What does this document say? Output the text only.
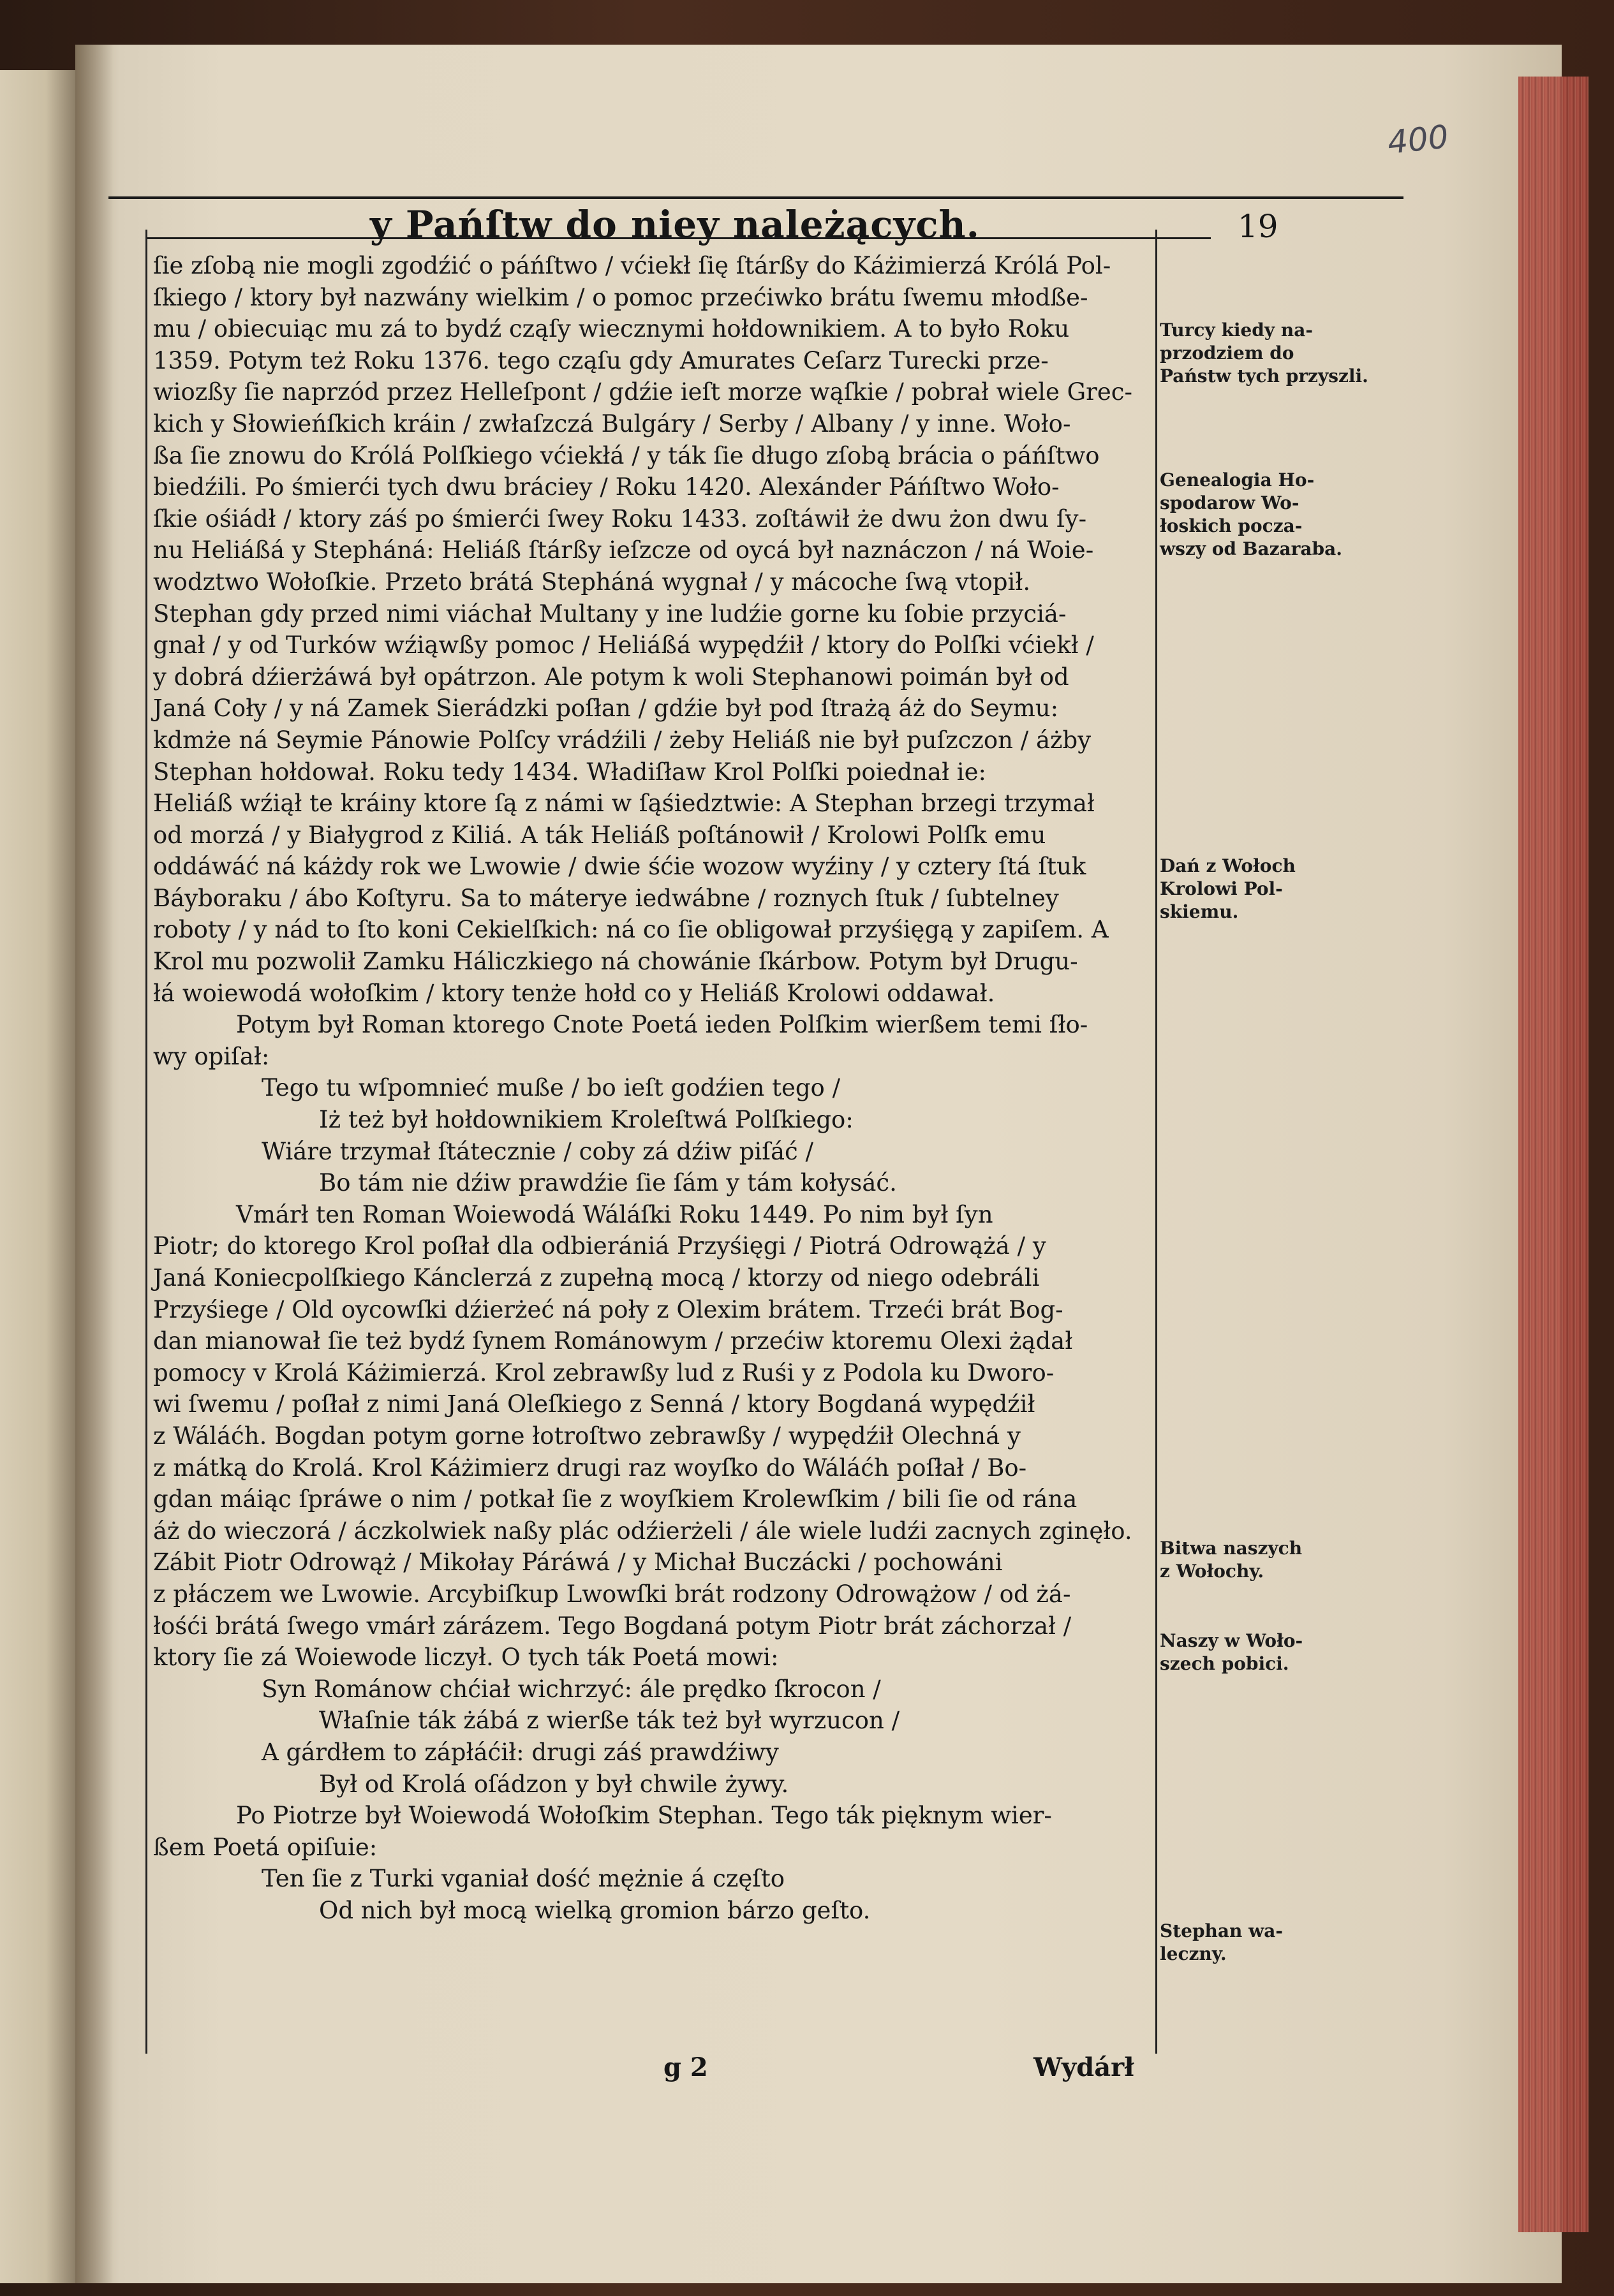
400
y Pańſtw do niey należących.	19
ſie zſobą nie mogli zgodźić o páńſtwo / vćiekł ſię ſtárßy do Káżimierzá Królá Pol-
ſkiego / ktory był nazwány wielkim / o pomoc przećiwko brátu ſwemu młodße-
mu / obiecuiąc mu zá to bydź cząſy wiecznymi hołdownikiem. A to było Roku
1359. Potym też Roku 1376. tego cząſu gdy Amurates Ceſarz Turecki prze-
wiozßy ſie naprzód przez Helleſpont / gdźie ieſt morze wąſkie / pobrał wiele Grec-
kich y Słowieńſkich kráin / zwłaſzczá Bulgáry / Serby / Albany / y inne. Woło-
ßa ſie znowu do Królá Polſkiego vćiekłá / y ták ſie długo zſobą brácia o páńſtwo
biedźili. Po śmierći tych dwu bráciey / Roku 1420. Alexánder Páńſtwo Woło-
ſkie ośiádł / ktory záś po śmierći ſwey Roku 1433. zoſtáwił że dwu żon dwu ſy-
nu Heliáßá y Stepháná: Heliáß ſtárßy ieſzcze od oycá był naznáczon / ná Woie-
wodztwo Wołoſkie. Przeto brátá Stepháná wygnał / y mácoche ſwą vtopił.
Stephan gdy przed nimi viáchał Multany y ine ludźie gorne ku ſobie przyciá-
gnał / y od Turków wźiąwßy pomoc / Heliáßá wypędźił / ktory do Polſki vćiekł /
y dobrá dźierżáwá był opátrzon. Ale potym k woli Stephanowi poimán był od
Janá Coły / y ná Zamek Sierádzki poſłan / gdźie był pod ſtrażą áż do Seymu:
kdmże ná Seymie Pánowie Polſcy vrádźili / żeby Heliáß nie był puſzczon / áżby
Stephan hołdował. Roku tedy 1434. Władiſław Krol Polſki poiednał ie:
Heliáß wźiął te kráiny ktore ſą z námi w ſąśiedztwie: A Stephan brzegi trzymał
od morzá / y Białygrod z Kiliá. A ták Heliáß poſtánowił / Krolowi Polſk emu
oddáwáć ná káżdy rok we Lwowie / dwie śćie wozow wyźiny / y cztery ſtá ſtuk
Báyboraku / ábo Koſtyru. Sa to máterye iedwábne / roznych ſtuk / ſubtelney
roboty / y nád to ſto koni Cekielſkich: ná co ſie obligował przyśięgą y zapiſem. A
Krol mu pozwolił Zamku Háliczkiego ná chowánie ſkárbow. Potym był Drugu-
łá woiewodá wołoſkim / ktory tenże hołd co y Heliáß Krolowi oddawał.
Potym był Roman ktorego Cnote Poetá ieden Polſkim wierßem temi ſło-
wy opiſał:
Tego tu wſpomnieć muße / bo ieſt godźien tego /
Iż też był hołdownikiem Kroleſtwá Polſkiego:
Wiáre trzymał ſtátecznie / coby zá dźiw piſáć /
Bo tám nie dźiw prawdźie ſie ſám y tám kołysáć.
Vmárł ten Roman Woiewodá Wáláſki Roku 1449. Po nim był ſyn
Piotr; do ktorego Krol poſłał dla odbierániá Przyśięgi / Piotrá Odrowążá / y
Janá Koniecpolſkiego Kánclerzá z zupełną mocą / ktorzy od niego odebráli
Przyśiege / Old oycowſki dźierżeć ná poły z Olexim brátem. Trzeći brát Bog-
dan mianował ſie też bydź ſynem Románowym / przećiw ktoremu Olexi żądał
pomocy v Krolá Káżimierzá. Krol zebrawßy lud z Ruśi y z Podola ku Dworo-
wi ſwemu / poſłał z nimi Janá Oleſkiego z Senná / ktory Bogdaná wypędźił
z Wáláćh. Bogdan potym gorne łotroſtwo zebrawßy / wypędźił Olechná y
z mátką do Krolá. Krol Káżimierz drugi raz woyſko do Wáláćh poſłał / Bo-
gdan máiąc ſpráwe o nim / potkał ſie z woyſkiem Krolewſkim / bili ſie od rána
áż do wieczorá / áczkolwiek naßy plác odźierżeli / ále wiele ludźi zacnych zginęło.
Zábit Piotr Odrowąż / Mikołay Páráwá / y Michał Buczácki / pochowáni
z płáczem we Lwowie. Arcybiſkup Lwowſki brát rodzony Odrowążow / od żá-
łośći brátá ſwego vmárł zárázem. Tego Bogdaná potym Piotr brát záchorzał /
ktory ſie zá Woiewode liczył. O tych ták Poetá mowi:
Syn Románow chćiał wichrzyć: ále prędko ſkrocon /
Właſnie ták żábá z wierße ták też był wyrzucon /
A gárdłem to zápłáćił: drugi záś prawdźiwy
Był od Krolá oſádzon y był chwile żywy.
Po Piotrze był Woiewodá Wołoſkim Stephan. Tego ták pięknym wier-
ßem Poetá opiſuie:
Ten ſie z Turki vganiał dość mężnie á częſto
Od nich był mocą wielką gromion bárzo geſto.
Turcy kiedy na-
przodziem do
Państw tych przyszli.
Genealogia Ho-
spodarow Wo-
łoskich pocza-
wszy od Bazaraba.
Dań z Wołoch
Krolowi Pol-
skiemu.
Bitwa naszych
z Wołochy.
Naszy w Woło-
szech pobici.
Stephan wa-
leczny.
g 2	Wydárł
